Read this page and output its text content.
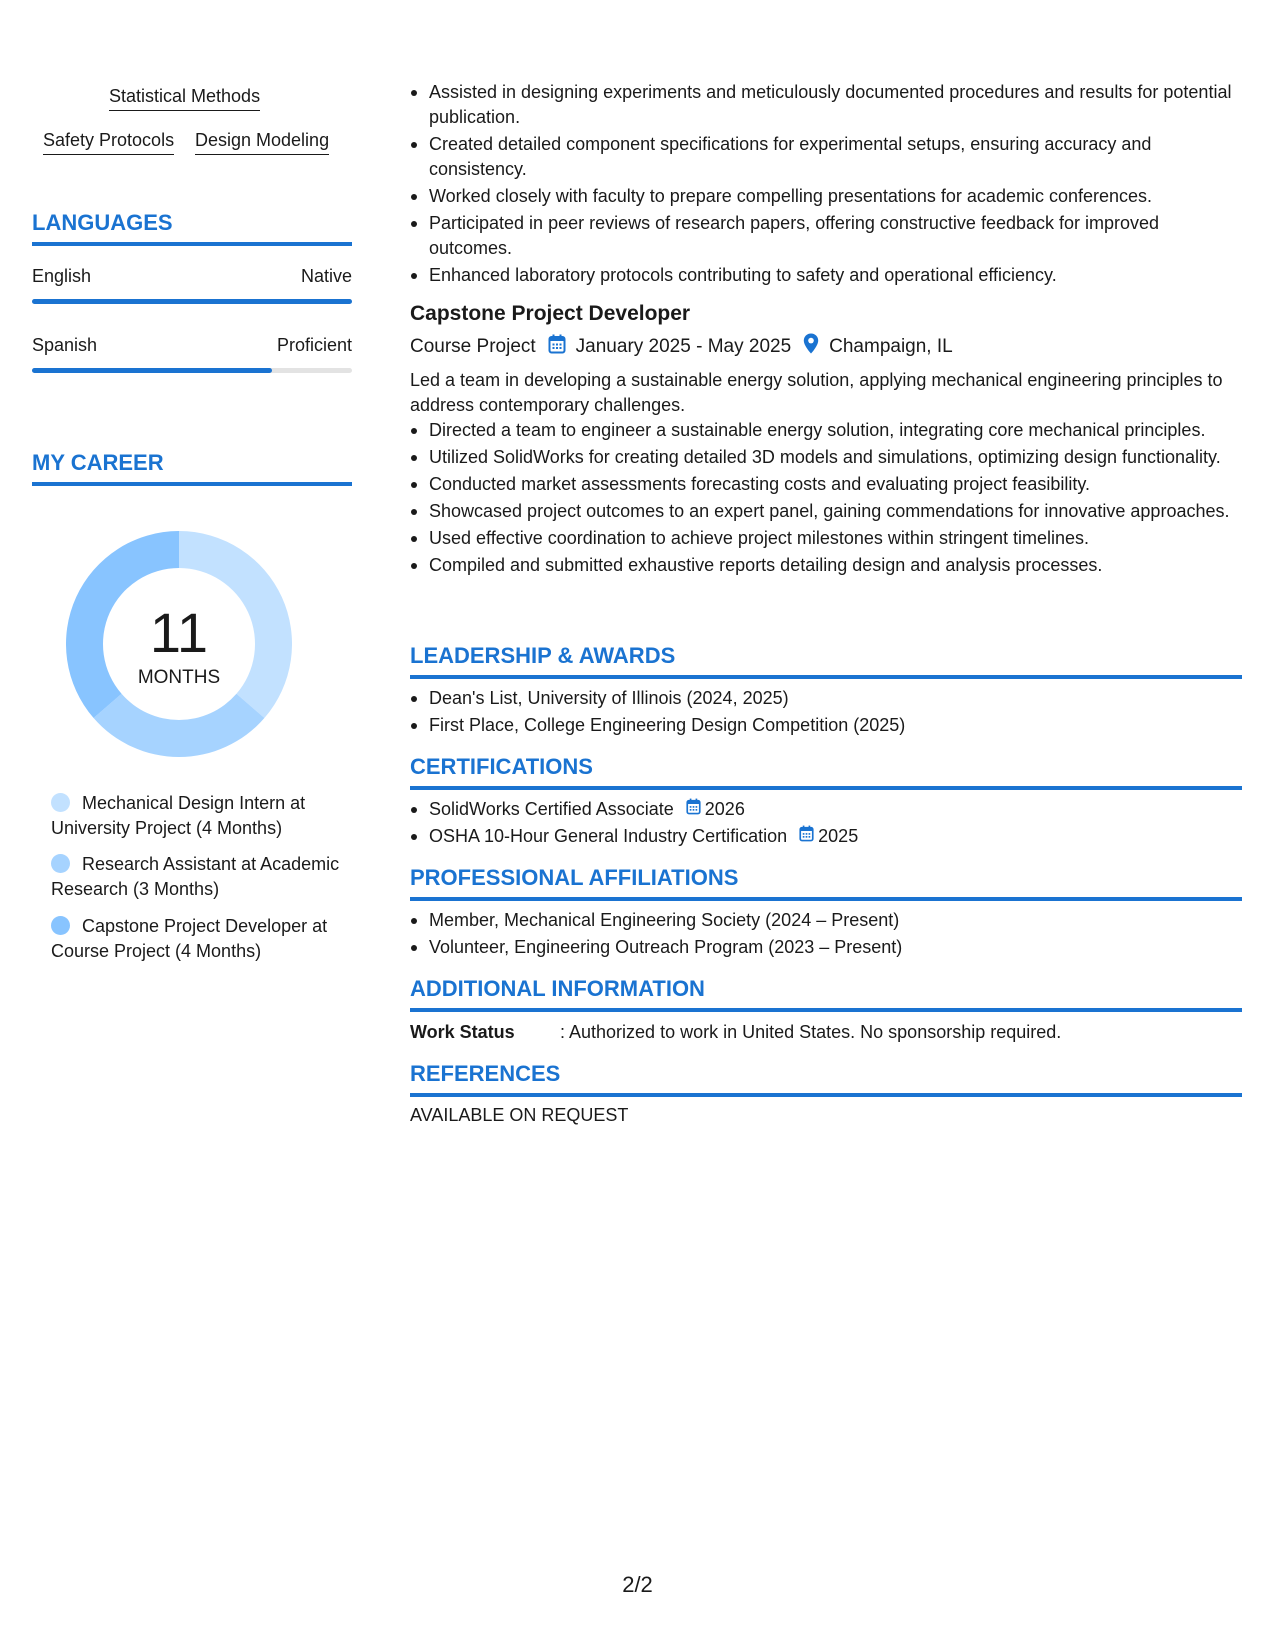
Statistical Methods
Safety Protocols Design Modeling
LANGUAGES
English	Native
Spanish	Proficient
MY CAREER
11
MONTHS
Mechanical Design Intern at University Project (4 Months)
Research Assistant at Academic Research (3 Months)
Capstone Project Developer at Course Project (4 Months)
Assisted in designing experiments and meticulously documented procedures and results for potential publication.
Created detailed component specifications for experimental setups, ensuring accuracy and consistency.
Worked closely with faculty to prepare compelling presentations for academic conferences.
Participated in peer reviews of research papers, offering constructive feedback for improved outcomes.
Enhanced laboratory protocols contributing to safety and operational efficiency.
Capstone Project Developer
Course Project January 2025 - May 2025 Champaign, IL
Led a team in developing a sustainable energy solution, applying mechanical engineering principles to address contemporary challenges.
Directed a team to engineer a sustainable energy solution, integrating core mechanical principles.
Utilized SolidWorks for creating detailed 3D models and simulations, optimizing design functionality.
Conducted market assessments forecasting costs and evaluating project feasibility.
Showcased project outcomes to an expert panel, gaining commendations for innovative approaches.
Used effective coordination to achieve project milestones within stringent timelines.
Compiled and submitted exhaustive reports detailing design and analysis processes.
LEADERSHIP & AWARDS
Dean's List, University of Illinois (2024, 2025)
First Place, College Engineering Design Competition (2025)
CERTIFICATIONS
SolidWorks Certified Associate 2026
OSHA 10-Hour General Industry Certification 2025
PROFESSIONAL AFFILIATIONS
Member, Mechanical Engineering Society (2024 – Present)
Volunteer, Engineering Outreach Program (2023 – Present)
ADDITIONAL INFORMATION
Work Status	: Authorized to work in United States. No sponsorship required.
REFERENCES
AVAILABLE ON REQUEST
2/2
